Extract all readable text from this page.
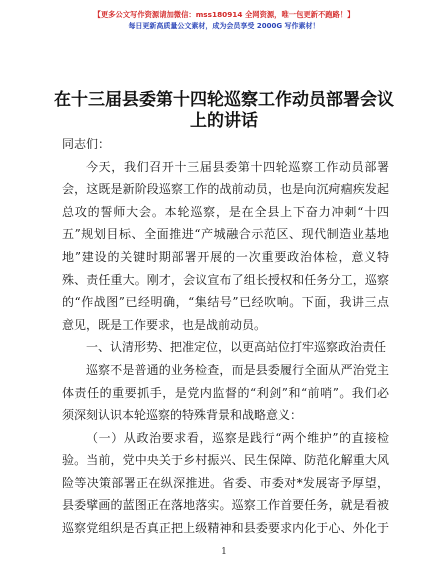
【更多公文写作资源请加微信：mss180914 全网资源，唯一包更新不跑路！】
每日更新高质量公文素材，成为会员享受 2000G 写作素材！
在十三届县委第十四轮巡察工作动员部署会议
上的讲话
同志们：
今天，我们召开十三届县委第十四轮巡察工作动员部署
会，这既是新阶段巡察工作的战前动员，也是向沉疴痼疾发起
总攻的誓师大会。本轮巡察，是在全县上下奋力冲刺“十四
五”规划目标、全面推进“产城融合示范区、现代制造业基地
地”建设的关键时期部署开展的一次重要政治体检，意义特
殊、责任重大。刚才，会议宣布了组长授权和任务分工，巡察
的“作战图”已经明确，“集结号”已经吹响。下面，我讲三点
意见，既是工作要求，也是战前动员。
一、认清形势、把准定位，以更高站位打牢巡察政治责任
巡察不是普通的业务检查，而是县委履行全面从严治党主
体责任的重要抓手，是党内监督的“利剑”和“前哨”。我们必
须深刻认识本轮巡察的特殊背景和战略意义：
（一）从政治要求看，巡察是践行“两个维护”的直接检
验。当前，党中央关于乡村振兴、民生保障、防范化解重大风
险等决策部署正在纵深推进。省委、市委对*发展寄予厚望，
县委擘画的蓝图正在落地落实。巡察工作首要任务，就是看被
巡察党组织是否真正把上级精神和县委要求内化于心、外化于
1
